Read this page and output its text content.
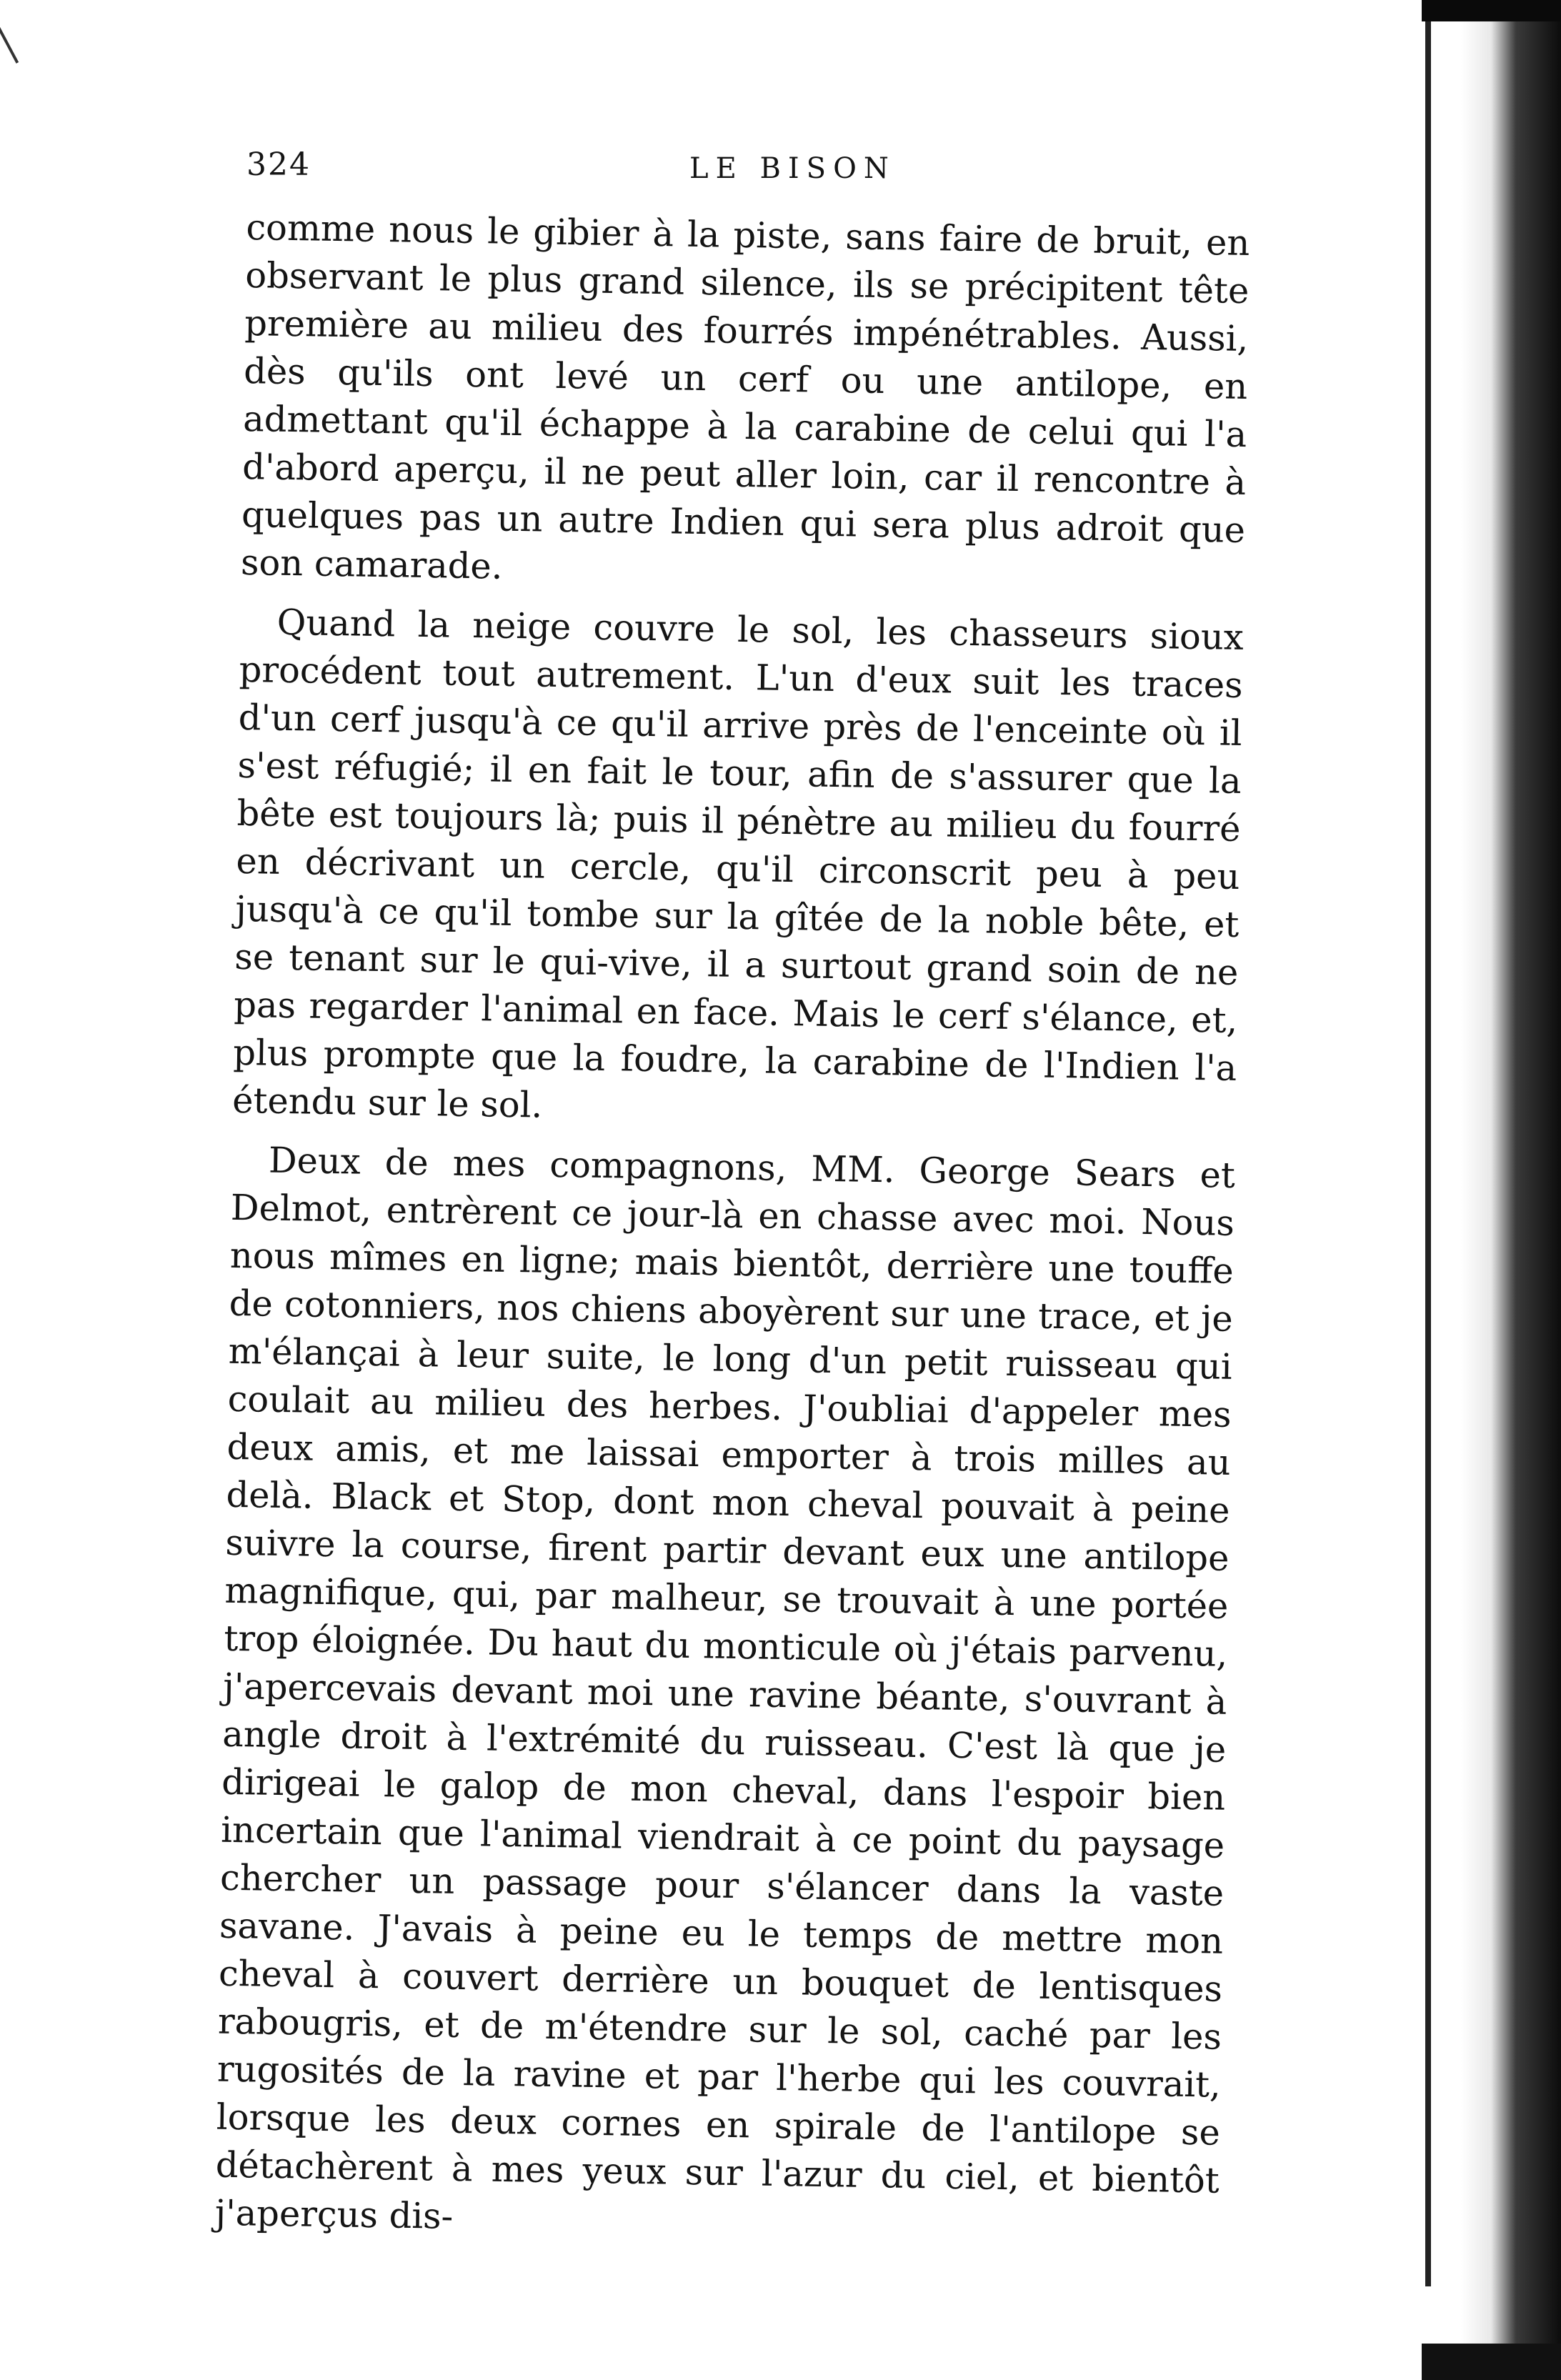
324	LE BISON

comme nous le gibier à la piste, sans faire de bruit, en observant le plus grand silence, ils se précipitent tête première au milieu des fourrés impénétrables. Aussi, dès qu'ils ont levé un cerf ou une antilope, en admettant qu'il échappe à la carabine de celui qui l'a d'abord aperçu, il ne peut aller loin, car il rencontre à quelques pas un autre Indien qui sera plus adroit que son camarade.

Quand la neige couvre le sol, les chasseurs sioux procédent tout autrement. L'un d'eux suit les traces d'un cerf jusqu'à ce qu'il arrive près de l'enceinte où il s'est réfugié; il en fait le tour, afin de s'assurer que la bête est toujours là; puis il pénètre au milieu du fourré en décrivant un cercle, qu'il circonscrit peu à peu jusqu'à ce qu'il tombe sur la gîtée de la noble bête, et se tenant sur le qui-vive, il a surtout grand soin de ne pas regarder l'animal en face. Mais le cerf s'élance, et, plus prompte que la foudre, la carabine de l'Indien l'a étendu sur le sol.

Deux de mes compagnons, MM. George Sears et Delmot, entrèrent ce jour-là en chasse avec moi. Nous nous mîmes en ligne; mais bientôt, derrière une touffe de cotonniers, nos chiens aboyèrent sur une trace, et je m'élançai à leur suite, le long d'un petit ruisseau qui coulait au milieu des herbes. J'oubliai d'appeler mes deux amis, et me laissai emporter à trois milles au delà. Black et Stop, dont mon cheval pouvait à peine suivre la course, firent partir devant eux une antilope magnifique, qui, par malheur, se trouvait à une portée trop éloignée. Du haut du monticule où j'étais parvenu, j'apercevais devant moi une ravine béante, s'ouvrant à angle droit à l'extrémité du ruisseau. C'est là que je dirigeai le galop de mon cheval, dans l'espoir bien incertain que l'animal viendrait à ce point du paysage chercher un passage pour s'élancer dans la vaste savane. J'avais à peine eu le temps de mettre mon cheval à couvert derrière un bouquet de lentisques rabougris, et de m'étendre sur le sol, caché par les rugosités de la ravine et par l'herbe qui les couvrait, lorsque les deux cornes en spirale de l'antilope se détachèrent à mes yeux sur l'azur du ciel, et bientôt j'aperçus dis-
